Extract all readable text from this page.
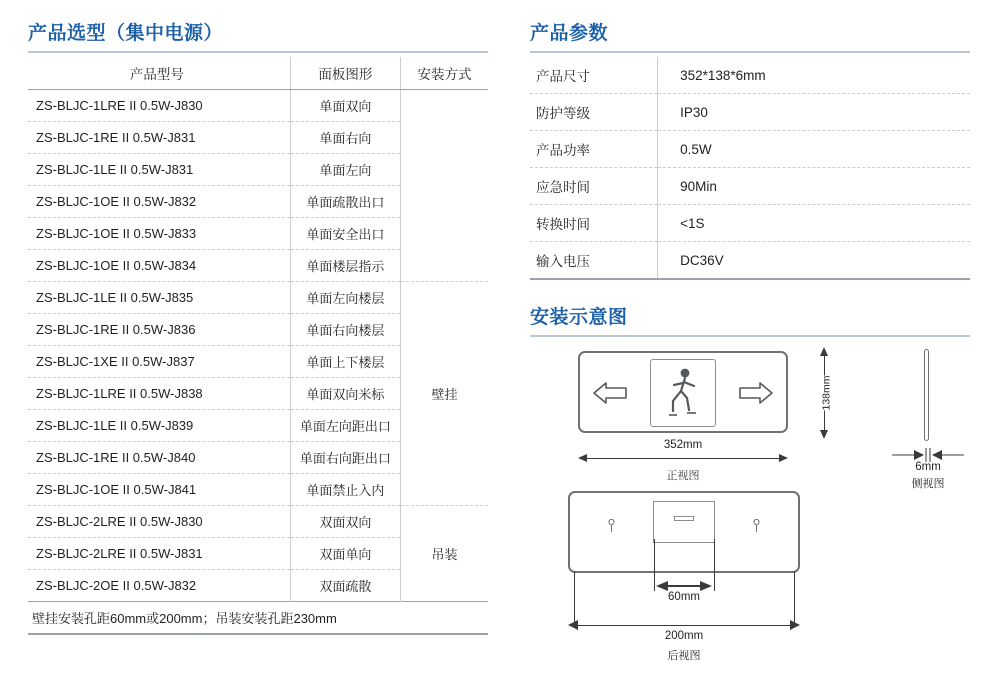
产品选型（集中电源）
产品型号	面板图形	安装方式
ZS-BLJC-1LRE II 0.5W-J830	单面双向	
ZS-BLJC-1RE II 0.5W-J831	单面右向	
ZS-BLJC-1LE II 0.5W-J831	单面左向	
ZS-BLJC-1OE II 0.5W-J832	单面疏散出口	
ZS-BLJC-1OE II 0.5W-J833	单面安全出口	
ZS-BLJC-1OE II 0.5W-J834	单面楼层指示	
ZS-BLJC-1LE II 0.5W-J835	单面左向楼层	壁挂
ZS-BLJC-1RE II 0.5W-J836	单面右向楼层	
ZS-BLJC-1XE II 0.5W-J837	单面上下楼层	
ZS-BLJC-1LRE II 0.5W-J838	单面双向米标	
ZS-BLJC-1LE II 0.5W-J839	单面左向距出口	
ZS-BLJC-1RE II 0.5W-J840	单面右向距出口	
ZS-BLJC-1OE II 0.5W-J841	单面禁止入内	
ZS-BLJC-2LRE II 0.5W-J830	双面双向	吊装
ZS-BLJC-2LRE II 0.5W-J831	双面单向	
ZS-BLJC-2OE II 0.5W-J832	双面疏散	
壁挂安装孔距60mm或200mm；吊装安装孔距230mm		
产品参数
产品尺寸	352*138*6mm
防护等级	IP30
产品功率	0.5W
应急时间	90Min
转换时间	<1S
输入电压	DC36V
安装示意图
352mm
正视图
138mm
6mm
侧视图
60mm
200mm
后视图
